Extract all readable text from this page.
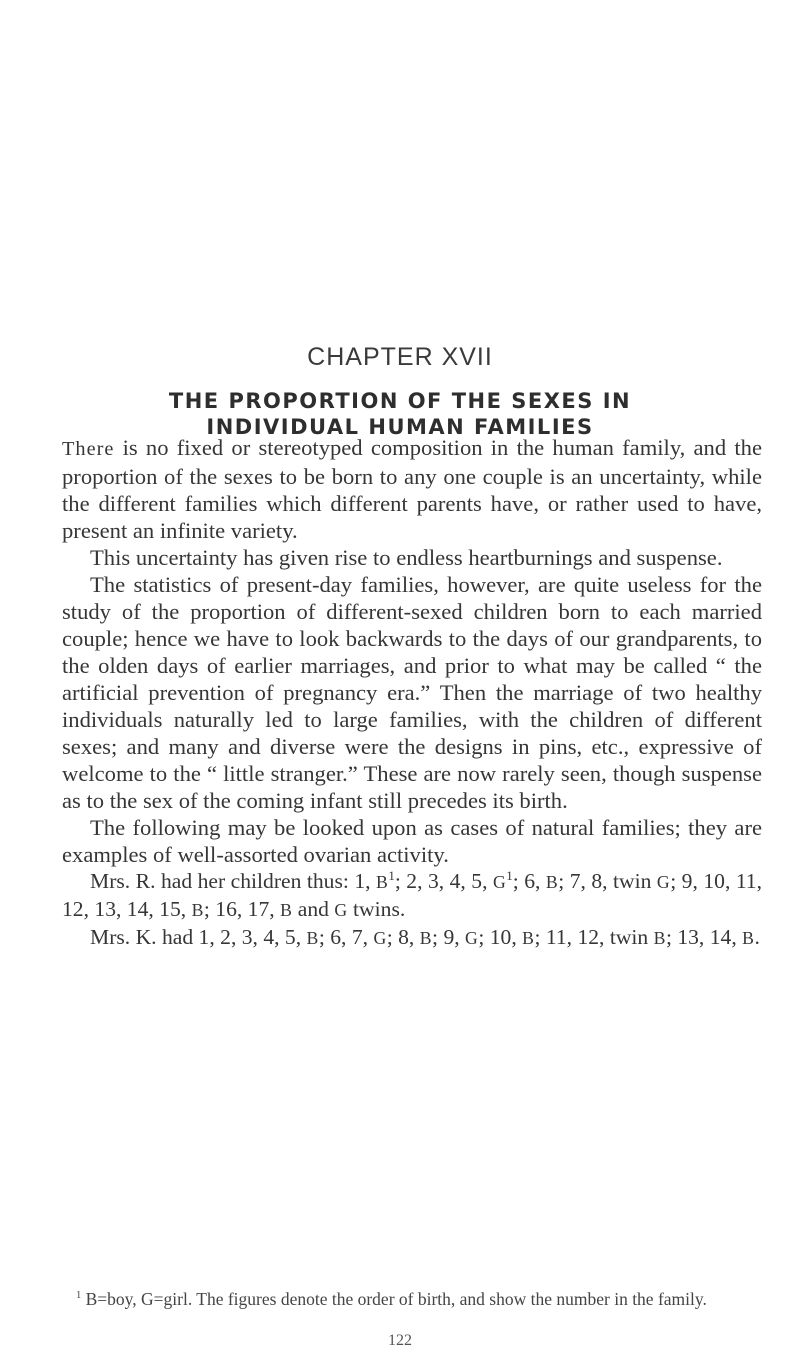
CHAPTER XVII
THE PROPORTION OF THE SEXES IN
INDIVIDUAL HUMAN FAMILIES

There is no fixed or stereotyped composition in the human family, and the proportion of the sexes to be born to any one couple is an uncertainty, while the different families which different parents have, or rather used to have, present an infinite variety.

This uncertainty has given rise to endless heartburnings and suspense.

The statistics of present-day families, however, are quite useless for the study of the proportion of different-sexed children born to each married couple; hence we have to look backwards to the days of our grandparents, to the olden days of earlier marriages, and prior to what may be called “ the artificial prevention of pregnancy era.” Then the marriage of two healthy individuals naturally led to large families, with the children of different sexes; and many and diverse were the designs in pins, etc., expressive of welcome to the “ little stranger.” These are now rarely seen, though suspense as to the sex of the coming infant still precedes its birth.

The following may be looked upon as cases of natural families; they are examples of well-assorted ovarian activity.

Mrs. R. had her children thus: 1, $B^1$; 2, 3, 4, 5, $G^1$; 6, B; 7, 8, twin G; 9, 10, 11, 12, 13, 14, 15, B; 16, 17, B and G twins.

Mrs. K. had 1, 2, 3, 4, 5, B; 6, 7, G; 8, B; 9, G; 10, B; 11, 12, twin B; 13, 14, B.

$^1$ B=boy, G=girl. The figures denote the order of birth, and show the number in the family.
122
